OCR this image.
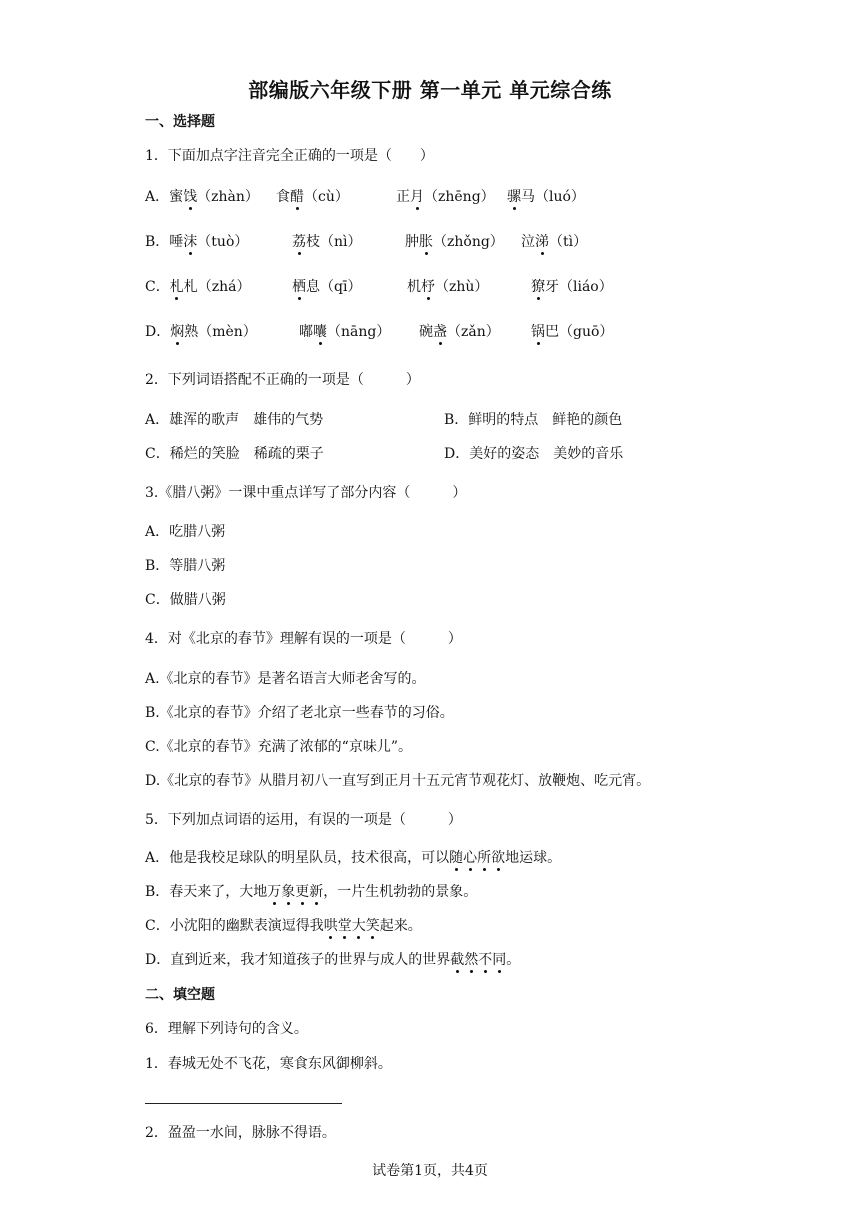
部编版六年级下册 第一单元 单元综合练
一、选择题
1．下面加点字注音完全正确的一项是（　　）
A．蜜饯（zhàn） 食醋（cù）	正月（zhēng） 骡马（luó）
B．唾沫（tuò）	荔枝（nì）	肿胀（zhǒng） 泣涕（tì）
C．札札（zhá）	栖息（qī）	机杼（zhù）	獠牙（liáo）
D．焖熟（mèn）	嘟囔（nāng） 碗盏（zǎn） 锅巴（guō）
2．下列词语搭配不正确的一项是（　　　）
A．雄浑的歌声　雄伟的气势	B．鲜明的特点　鲜艳的颜色
C．稀烂的笑脸　稀疏的栗子	D．美好的姿态　美妙的音乐
3.《腊八粥》一课中重点详写了部分内容（　　　）
A．吃腊八粥
B．等腊八粥
C．做腊八粥
4．对《北京的春节》理解有误的一项是（　　　）
A.《北京的春节》是著名语言大师老舍写的。
B.《北京的春节》介绍了老北京一些春节的习俗。
C.《北京的春节》充满了浓郁的“京味儿”。
D.《北京的春节》从腊月初八一直写到正月十五元宵节观花灯、放鞭炮、吃元宵。
5．下列加点词语的运用，有误的一项是（　　　）
A．他是我校足球队的明星队员，技术很高，可以随心所欲地运球。
B．春天来了，大地万象更新，一片生机勃勃的景象。
C．小沈阳的幽默表演逗得我哄堂大笑起来。
D．直到近来，我才知道孩子的世界与成人的世界截然不同。
二、填空题
6．理解下列诗句的含义。
1．春城无处不飞花，寒食东风御柳斜。
2．盈盈一水间，脉脉不得语。
试卷第1页，共4页
